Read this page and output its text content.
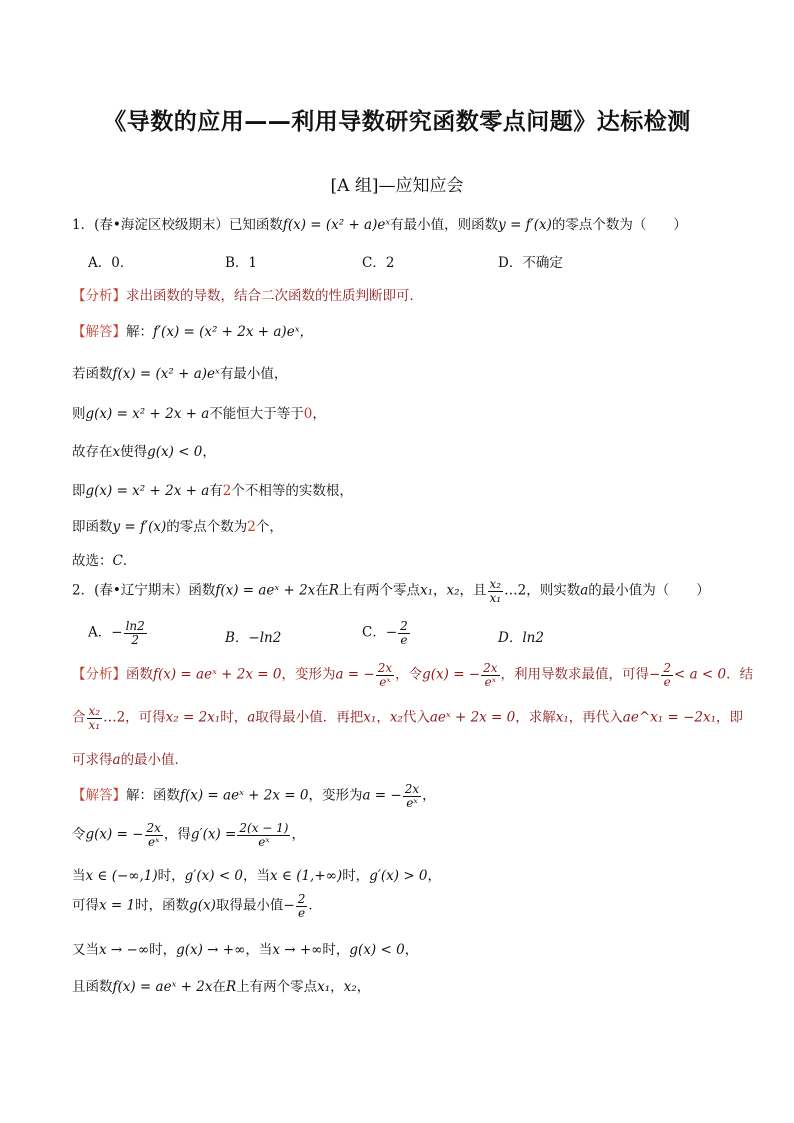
《导数的应用——利用导数研究函数零点问题》达标检测
[A 组]—应知应会
1．(春•海淀区校级期末）已知函数f(x) = (x² + a)eˣ有最小值，则函数y = f′(x)的零点个数为（　　）
A．0．	B．1	C．2	D．不确定
【分析】求出函数的导数，结合二次函数的性质判断即可．
【解答】解：f′(x) = (x² + 2x + a)eˣ，
若函数f(x) = (x² + a)eˣ有最小值，
则g(x) = x² + 2x + a不能恒大于等于0，
故存在x使得g(x) < 0，
即g(x) = x² + 2x + a有2个不相等的实数根，
即函数y = f′(x)的零点个数为2个，
故选：C．
2．(春•辽宁期末）函数f(x) = aeˣ + 2x在R上有两个零点x₁，x₂，且 $\frac{\text{x₂}}{\text{x₁}}$ …2，则实数a的最小值为（　　）
A．− $\frac{\ln 2}{2}$	B．−ln2	C．− $\frac{2}{e}$	D．ln2
【分析】函数f(x) = aeˣ + 2x = 0，变形为a = − $\frac{2x}{\text{eˣ}}$ ，令g(x) = − $\frac{2x}{\text{eˣ}}$ ，利用导数求最值，可得− $\frac{2}{e} < a < 0$．结
合 $\frac{\text{x₂}}{\text{x₁}}$ …2，可得x₂ = 2x₁时，a取得最小值．再把x₁，x₂代入aeˣ + 2x = 0，求解x₁，再代入ae^x₁ = −2x₁，即
可求得a的最小值．
【解答】解：函数f(x) = aeˣ + 2x = 0，变形为a = − $\frac{2x}{\text{eˣ}}$ ，
令g(x) = − $\frac{2x}{\text{eˣ}}$ ，得$g'(x) = \frac{2(x - 1)}{\text{eˣ}}$ ，
当x ∈ (−∞,1)时，g′(x) < 0，当x ∈ (1,+∞)时，g′(x) > 0，
可得x = 1时，函数g(x)取得最小值− $\frac{2}{e}$ ．
又当x → −∞时，g(x) → +∞，当x → +∞时，g(x) < 0，
且函数f(x) = aeˣ + 2x在R上有两个零点x₁，x₂，
